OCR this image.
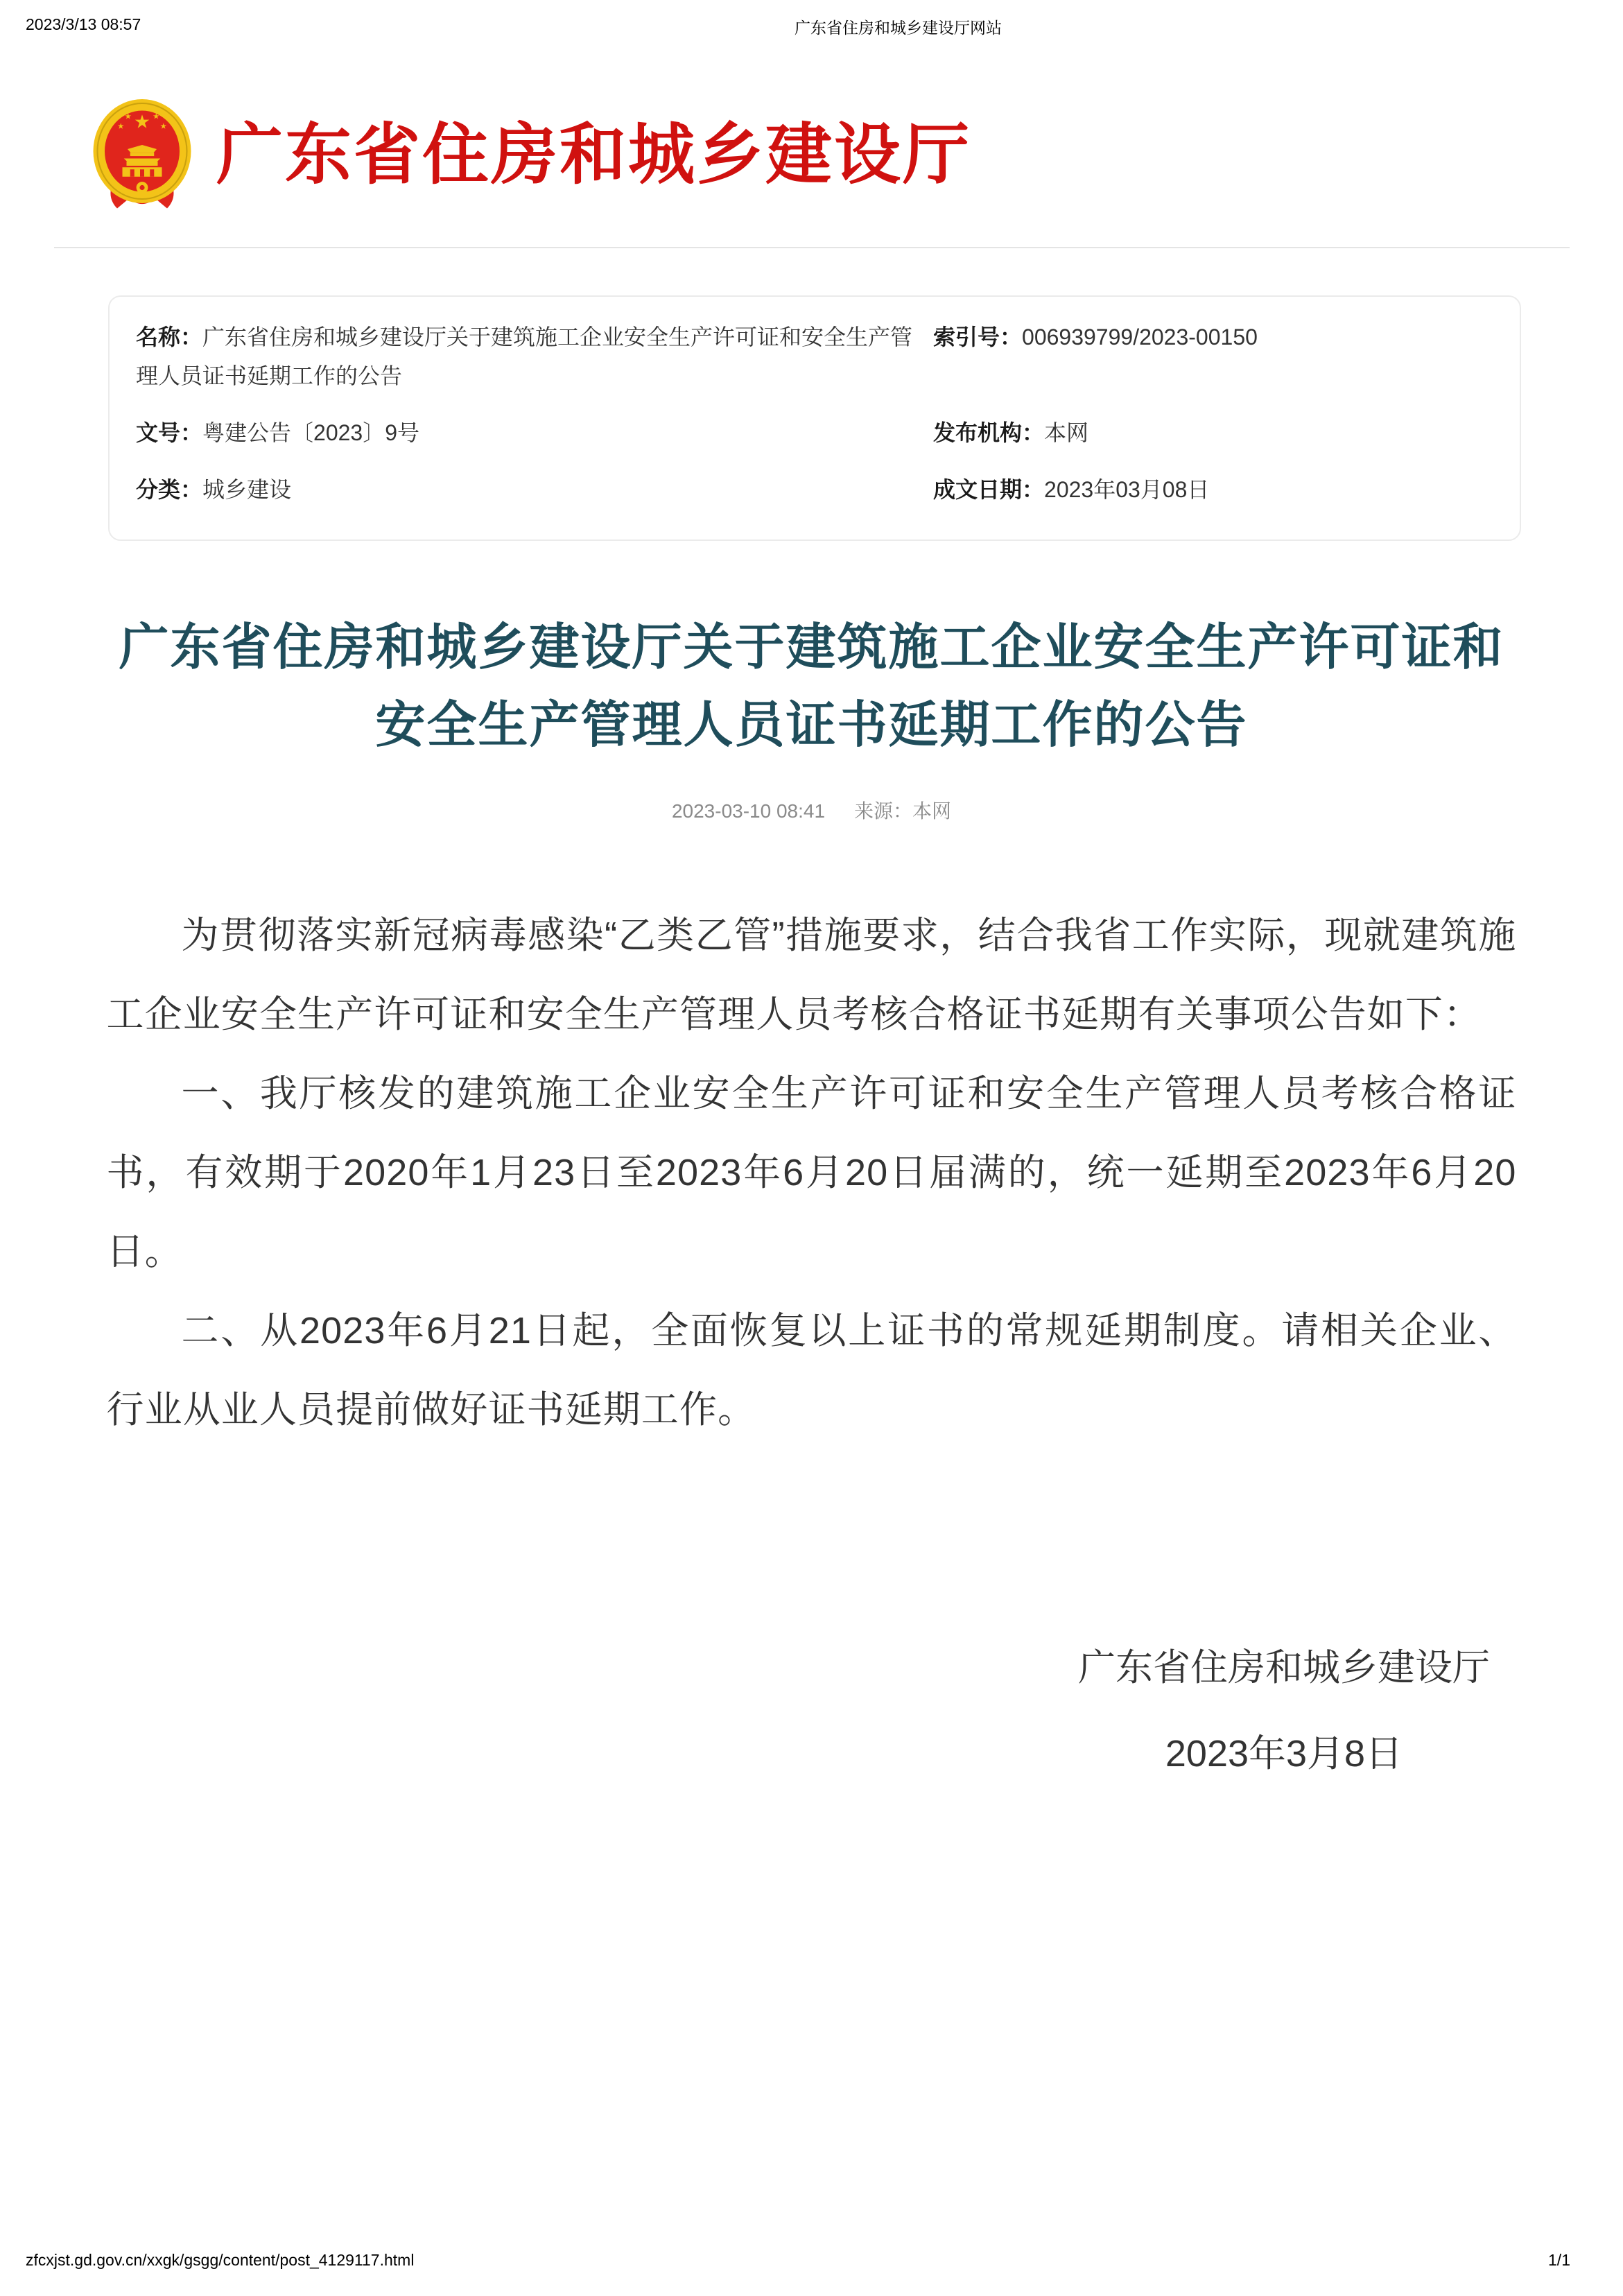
2023/3/13 08:57	广东省住房和城乡建设厅网站
广东省住房和城乡建设厅
名称：广东省住房和城乡建设厅关于建筑施工企业安全生产许可证和安全生产管理人员证书延期工作的公告
索引号：006939799/2023-00150
文号：粤建公告〔2023〕9号	发布机构：本网
分类：城乡建设	成文日期：2023年03月08日
广东省住房和城乡建设厅关于建筑施工企业安全生产许可证和安全生产管理人员证书延期工作的公告
2023-03-10 08:41 来源：本网

为贯彻落实新冠病毒感染“乙类乙管”措施要求，结合我省工作实际，现就建筑施工企业安全生产许可证和安全生产管理人员考核合格证书延期有关事项公告如下：

一、我厅核发的建筑施工企业安全生产许可证和安全生产管理人员考核合格证书，有效期于2020年1月23日至2023年6月20日届满的，统一延期至2023年6月20日。

二、从2023年6月21日起，全面恢复以上证书的常规延期制度。请相关企业、行业从业人员提前做好证书延期工作。

广东省住房和城乡建设厅
2023年3月8日
zfcxjst.gd.gov.cn/xxgk/gsgg/content/post_4129117.html	1/1
